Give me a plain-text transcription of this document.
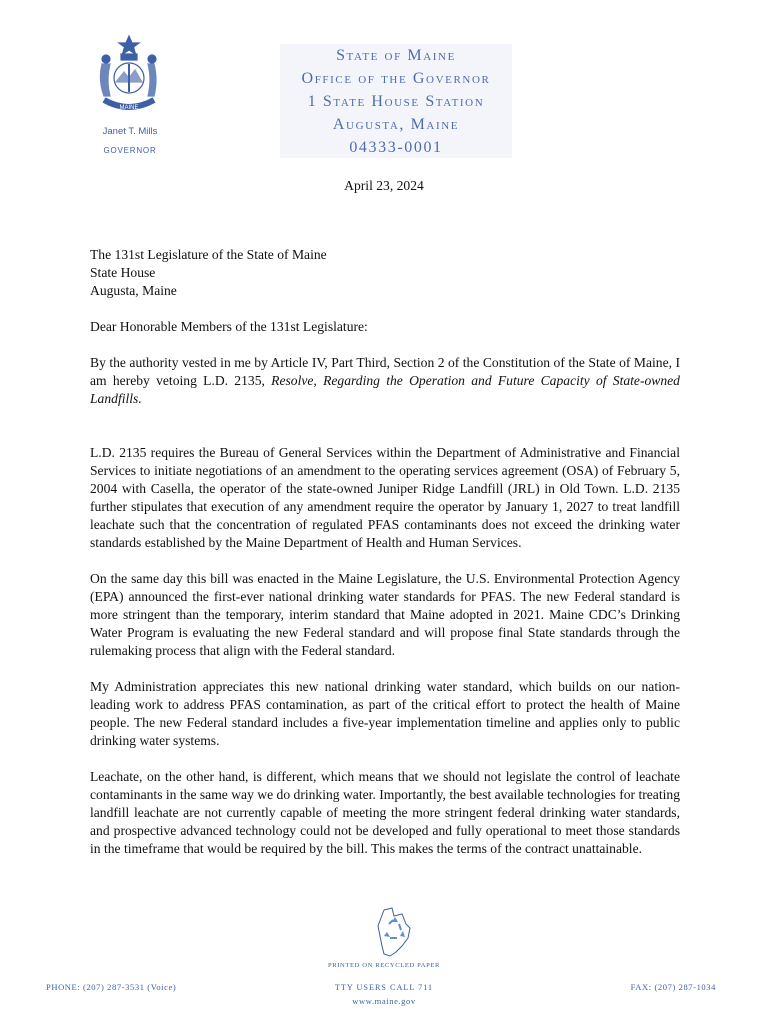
MAINE
Janet T. Mills
GOVERNOR
State of Maine
Office of the Governor
1 State House Station
Augusta, Maine
04333-0001
April 23, 2024

The 131st Legislature of the State of Maine

State House

Augusta, Maine

Dear Honorable Members of the 131st Legislature:

By the authority vested in me by Article IV, Part Third, Section 2 of the Constitution of the State of Maine, I am hereby vetoing L.D. 2135, Resolve, Regarding the Operation and Future Capacity of State-owned Landfills.

L.D. 2135 requires the Bureau of General Services within the Department of Administrative and Financial Services to initiate negotiations of an amendment to the operating services agreement (OSA) of February 5, 2004 with Casella, the operator of the state-owned Juniper Ridge Landfill (JRL) in Old Town. L.D. 2135 further stipulates that execution of any amendment require the operator by January 1, 2027 to treat landfill leachate such that the concentration of regulated PFAS contaminants does not exceed the drinking water standards established by the Maine Department of Health and Human Services.

On the same day this bill was enacted in the Maine Legislature, the U.S. Environmental Protection Agency (EPA) announced the first-ever national drinking water standards for PFAS. The new Federal standard is more stringent than the temporary, interim standard that Maine adopted in 2021. Maine CDC’s Drinking Water Program is evaluating the new Federal standard and will propose final State standards through the rulemaking process that align with the Federal standard.

My Administration appreciates this new national drinking water standard, which builds on our nation-leading work to address PFAS contamination, as part of the critical effort to protect the health of Maine people. The new Federal standard includes a five-year implementation timeline and applies only to public drinking water systems.

Leachate, on the other hand, is different, which means that we should not legislate the control of leachate contaminants in the same way we do drinking water. Importantly, the best available technologies for treating landfill leachate are not currently capable of meeting the more stringent federal drinking water standards, and prospective advanced technology could not be developed and fully operational to meet those standards in the timeframe that would be required by the bill. This makes the terms of the contract unattainable.

PRINTED ON RECYCLED PAPER
PHONE: (207) 287-3531 (Voice)	TTY USERS CALL 711
www.maine.gov
FAX: (207) 287-1034
